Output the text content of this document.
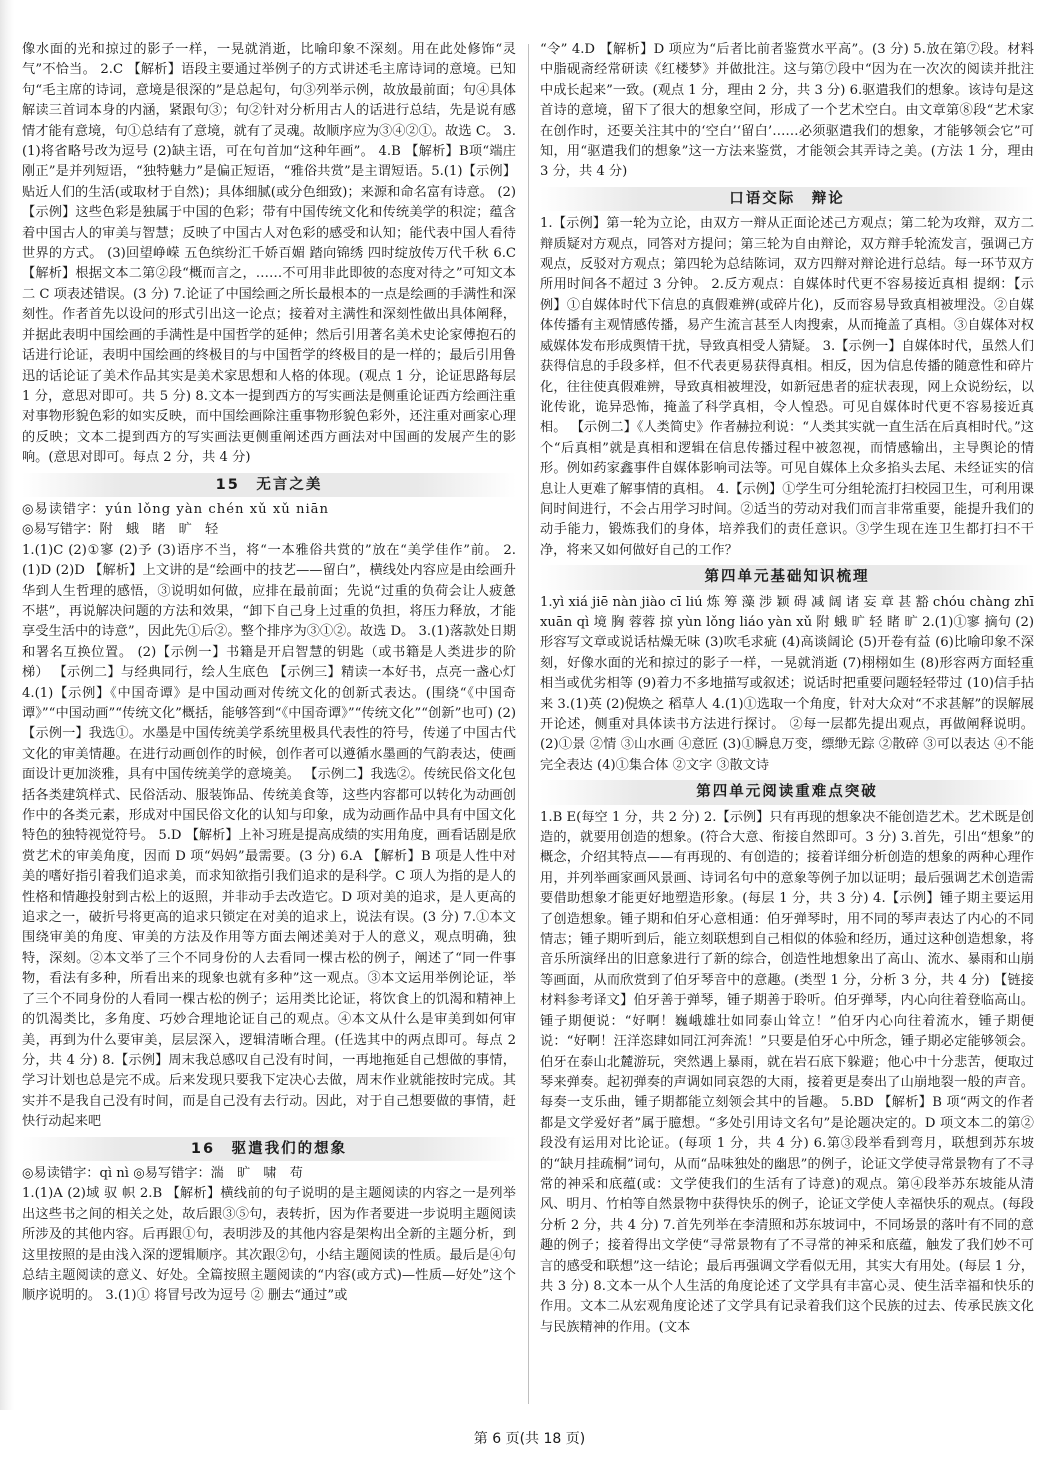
像水面的光和掠过的影子一样，一晃就消逝，比喻印象不深刻。用在此处修饰“灵气”不恰当。 2.C 【解析】语段主要通过举例子的方式讲述毛主席诗词的意境。已知句“毛主席的诗词，意境是很深的”是总起句，句③列举示例，故放最前面；句④具体解读三首词本身的内涵，紧跟句③；句②针对分析用古人的话进行总结，先是说有感情才能有意境，句①总结有了意境，就有了灵魂。故顺序应为③④②①。故选 C。 3.(1)将省略号改为逗号 (2)缺主语，可在句首加“这种年画”。 4.B 【解析】B项“端庄刚正”是并列短语，“独特魅力”是偏正短语，“雅俗共赏”是主谓短语。5.(1)【示例】贴近人们的生活(或取材于自然)；具体细腻(或分色细致)；来源和命名富有诗意。 (2)【示例】这些色彩是独属于中国的色彩；带有中国传统文化和传统美学的积淀；蕴含着中国古人的审美与智慧；反映了中国古人对色彩的感受和认知；能代表中国人看待世界的方式。 (3)回望峥嵘 五色缤纷汇千娇百媚 踏向锦绣 四时绽放传万代千秋 6.C 【解析】根据文本二第②段“概而言之，……不可用非此即彼的态度对待之”可知文本二 C 项表述错误。(3 分) 7.论证了中国绘画之所长最根本的一点是绘画的手满性和深刻性。作者首先以设问的形式引出这一论点；接着对主满性和深刻性做出具体阐释，并据此表明中国绘画的手满性是中国哲学的延伸；然后引用著名美术史论家傅抱石的话进行论证，表明中国绘画的终极目的与中国哲学的终极目的是一样的；最后引用鲁迅的话论证了美术作品其实是美术家思想和人格的体现。(观点 1 分，论证思路每层 1 分，意思对即可。共 5 分) 8.文本一提到西方的写实画法是侧重论证西方绘画注重对事物形貌色彩的如实反映，而中国绘画除注重事物形貌色彩外，还注重对画家心理的反映；文本二提到西方的写实画法更侧重阐述西方画法对中国画的发展产生的影响。(意思对即可。每点 2 分，共 4 分)

15　无言之美

◎易读错字：yún lǒng yàn chén xǔ xǔ niān

◎易写错字：附　蛾　睹　旷　轻

1.(1)C (2)①寥 (2)予 (3)语序不当，将“一本雅俗共赏的”放在“美学佳作”前。 2.(1)D (2)D 【解析】上文讲的是“绘画中的技艺——留白”，横线处内容应是由绘画升华到人生哲理的感悟，③说明如何做，应排在最前面；先说“过重的负荷会让人疲惫不堪”，再说解决问题的方法和效果，“卸下自己身上过重的负担，将压力释放，才能享受生活中的诗意”，因此先①后②。整个排序为③①②。故选 D。 3.(1)落款处日期和署名互换位置。 (2)【示例一】书籍是开启智慧的钥匙（或书籍是人类进步的阶梯） 【示例二】与经典同行，绘人生底色 【示例三】精读一本好书，点亮一盏心灯 4.(1)【示例】《中国奇谭》是中国动画对传统文化的创新式表达。(围绕“《中国奇谭》”“中国动画”“传统文化”概括，能够答到“《中国奇谭》”“传统文化”“创新”也可) (2)【示例一】我选①。水墨是中国传统美学系统里极具代表性的符号，传递了中国古代文化的审美情趣。在进行动画创作的时候，创作者可以遵循水墨画的气韵表达，使画面设计更加淡雅，具有中国传统美学的意境美。 【示例二】我选②。传统民俗文化包括各类建筑样式、民俗活动、服装饰品、传统美食等，这些内容都可以转化为动画创作中的各类元素，形成对中国民俗文化的认知与印象，成为动画作品中具有中国文化特色的独特视觉符号。 5.D 【解析】上补习班是提高成绩的实用角度，画看话剧是欣赏艺术的审美角度，因而 D 项“妈妈”最需要。(3 分) 6.A 【解析】B 项是人性中对美的嗜好指引着我们追求美，而求知欲指引我们追求的是科学。C 项人为指的是人的性格和情趣投射到古松上的返照，并非动手去改造它。D 项对美的追求，是人更高的追求之一，破折号将更高的追求只锁定在对美的追求上，说法有误。(3 分) 7.①本文围绕审美的角度、审美的方法及作用等方面去阐述美对于人的意义，观点明确，独特，深刻。②本文举了三个不同身份的人去看同一棵古松的例子，阐述了“同一件事物，看法有多种，所看出来的现象也就有多种”这一观点。③本文运用举例论证，举了三个不同身份的人看同一棵古松的例子；运用类比论证，将饮食上的饥渴和精神上的饥渴类比，多角度、巧妙合理地论证自己的观点。④本文从什么是审美到如何审美，再到为什么要审美，层层深入，逻辑清晰合理。(任选其中的两点即可。每点 2 分，共 4 分) 8.【示例】周末我总感叹自己没有时间，一再地拖延自己想做的事情，学习计划也总是完不成。后来发现只要我下定决心去做，周末作业就能按时完成。其实并不是我自己没有时间，而是自己没有去行动。因此，对于自己想要做的事情，赶快行动起来吧

16　驱遣我们的想象

◎易读错字：qì nì ◎易写错字：湍　旷　啸　苟

1.(1)A (2)域 驭 帜 2.B 【解析】横线前的句子说明的是主题阅读的内容之一是列举出这些书之间的相关之处，故后跟③⑤句，表转折，因为作者要进一步说明主题阅读所涉及的其他内容。后再跟①句，表明涉及的其他内容是架构出全新的主题分析，到这里按照的是由浅入深的逻辑顺序。其次跟②句，小结主题阅读的性质。最后是④句总结主题阅读的意义、好处。全篇按照主题阅读的“内容(或方式)—性质—好处”这个顺序说明的。 3.(1)① 将冒号改为逗号 ② 删去“通过”或

“令” 4.D 【解析】D 项应为“后者比前者鉴赏水平高”。(3 分) 5.放在第⑦段。材料中脂砚斋经常研读《红楼梦》并做批注。这与第⑦段中“因为在一次次的阅读并批注中成长起来”一致。(观点 1 分，理由 2 分，共 3 分) 6.驱遣我们的想象。该诗句是这首诗的意境，留下了很大的想象空间，形成了一个艺术空白。由文章第⑧段“艺术家在创作时，还要关注其中的‘空白’‘留白’……必须驱遣我们的想象，才能够领会它”可知，用“驱遣我们的想象”这一方法来鉴赏，才能领会其弄诗之美。(方法 1 分，理由 3 分，共 4 分)

口语交际　辩论

1.【示例】第一轮为立论，由双方一辩从正面论述己方观点；第二轮为攻辩，双方二辩质疑对方观点，同答对方提问；第三轮为自由辩论，双方辩手轮流发言，强调己方观点，反驳对方观点；第四轮为总结陈词，双方四辩对辩论进行总结。每一环节双方所用时间各不超过 3 分钟。 2.反方观点：自媒体时代更不容易接近真相 提纲：【示例】①自媒体时代下信息的真假难辨(或碎片化)，反而容易导致真相被埋没。②自媒体传播有主观情感传播，易产生流言甚至人肉搜索，从而掩盖了真相。③自媒体对权威媒体发布形成舆情干扰，导致真相受人猜疑。 3.【示例一】自媒体时代，虽然人们获得信息的手段多样，但不代表更易获得真相。相反，因为信息传播的随意性和碎片化，往往使真假难辨，导致真相被埋没，如新冠患者的症状表现，网上众说纷纭，以讹传讹，诡异恐怖，掩盖了科学真相，令人惶恐。可见自媒体时代更不容易接近真相。 【示例二】《人类简史》作者赫拉利说：“人类其实就一直生活在后真相时代。”这个“后真相”就是真相和逻辑在信息传播过程中被忽视，而情感输出，主导舆论的情形。例如药家鑫事件自媒体影响司法等。可见自媒体上众多掐头去尾、未经证实的信息让人更难了解事情的真相。 4.【示例】①学生可分组轮流打扫校园卫生，可利用课间时间进行，不会占用学习时间。②适当的劳动对我们而言非常重要，能提升我们的动手能力，锻炼我们的身体，培养我们的责任意识。③学生现在连卫生都打扫不干净，将来又如何做好自己的工作？

第四单元基础知识梳理

1.yì xiá jiē nàn jiào cī liú 炼 筹 藻 涉 颖 碍 减 阔 诸 妄 章 甚 豁 chóu chàng zhī xuān qì 境 胸 蓉蓉 掠 yùn lǒng liáo yàn xǔ 附 蛾 旷 轻 睹 旷 2.(1)①寥 摘句 (2)形容写文章或说话枯燥无味 (3)吹毛求疵 (4)高谈阔论 (5)开卷有益 (6)比喻印象不深刻，好像水面的光和掠过的影子一样，一晃就消逝 (7)栩栩如生 (8)形容两方面轻重相当或优劣相等 (9)着力不多地描写或叙述；说话时把重要问题轻轻带过 (10)信手拈来 3.(1)英 (2)倪焕之 稻草人 4.(1)①选取一个角度，针对大众对“不求甚解”的误解展开论述，侧重对具体读书方法进行探讨。 ②每一层都先提出观点，再做阐释说明。 (2)①景 ②情 ③山水画 ④意匠 (3)①瞬息万变，缥缈无踪 ②散碎 ③可以表达 ④不能完全表达 (4)①集合体 ②文字 ③散文诗

第四单元阅读重难点突破

1.B E(每空 1 分，共 2 分) 2.【示例】只有再现的想象决不能创造艺术。艺术既是创造的，就要用创造的想象。(符合大意、衔接自然即可。3 分) 3.首先，引出“想象”的概念，介绍其特点——有再现的、有创造的；接着详细分析创造的想象的两种心理作用，并列举画家画风景画、诗词名句中的意象等例子加以证明；最后强调艺术创造需要借助想象才能更好地塑造形象。(每层 1 分，共 3 分) 4.【示例】锺子期主要运用了创造想象。锺子期和伯牙心意相通：伯牙弹琴时，用不同的琴声表达了内心的不同情志；锺子期听到后，能立刻联想到自己相似的体验和经历，通过这种创造想象，将音乐所演绎出的旧意象进行了新的综合，创造性地想象出了高山、流水、暴雨和山崩等画面，从而欣赏到了伯牙琴音中的意趣。(类型 1 分，分析 3 分，共 4 分) 【链接材料参考译文】伯牙善于弹琴，锺子期善于聆听。伯牙弹琴，内心向往着登临高山。锺子期便说：“好啊！巍峨雄壮如同泰山耸立！”伯牙内心向往着流水，锺子期便说：“好啊！汪洋恣肆如同江河奔流！”只要是伯牙心中所念，锺子期必定能够领会。伯牙在泰山北麓游玩，突然遇上暴雨，就在岩石底下躲避；他心中十分悲苦，便取过琴来弹奏。起初弹奏的声调如同哀怨的大雨，接着更是奏出了山崩地裂一般的声音。每奏一支乐曲，锺子期都能立刻领会其中的旨趣。 5.BD 【解析】B 项“两文的作者都是文学爱好者”属于臆想。“多处引用诗文名句”是论题决定的。D 项文本二的第②段没有运用对比论证。(每项 1 分，共 4 分) 6.第③段举看到弯月，联想到苏东坡的“缺月挂疏桐”词句，从而“品味独处的幽思”的例子，论证文学使寻常景物有了不寻常的神采和底蕴(或：文学使我们的生活有了诗意)的观点。第④段举苏东坡能从清风、明月、竹柏等自然景物中获得快乐的例子，论证文学使人幸福快乐的观点。(每段分析 2 分，共 4 分) 7.首先列举在李清照和苏东坡词中，不同场景的落叶有不同的意趣的例子；接着得出文学使“寻常景物有了不寻常的神采和底蕴，触发了我们妙不可言的感受和联想”这一结论；最后再强调文学看似无用，其实大有用处。(每层 1 分，共 3 分) 8.文本一从个人生活的角度论述了文学具有丰富心灵、使生活幸福和快乐的作用。文本二从宏观角度论述了文学具有记录着我们这个民族的过去、传承民族文化与民族精神的作用。(文本

第 6 页(共 18 页)
